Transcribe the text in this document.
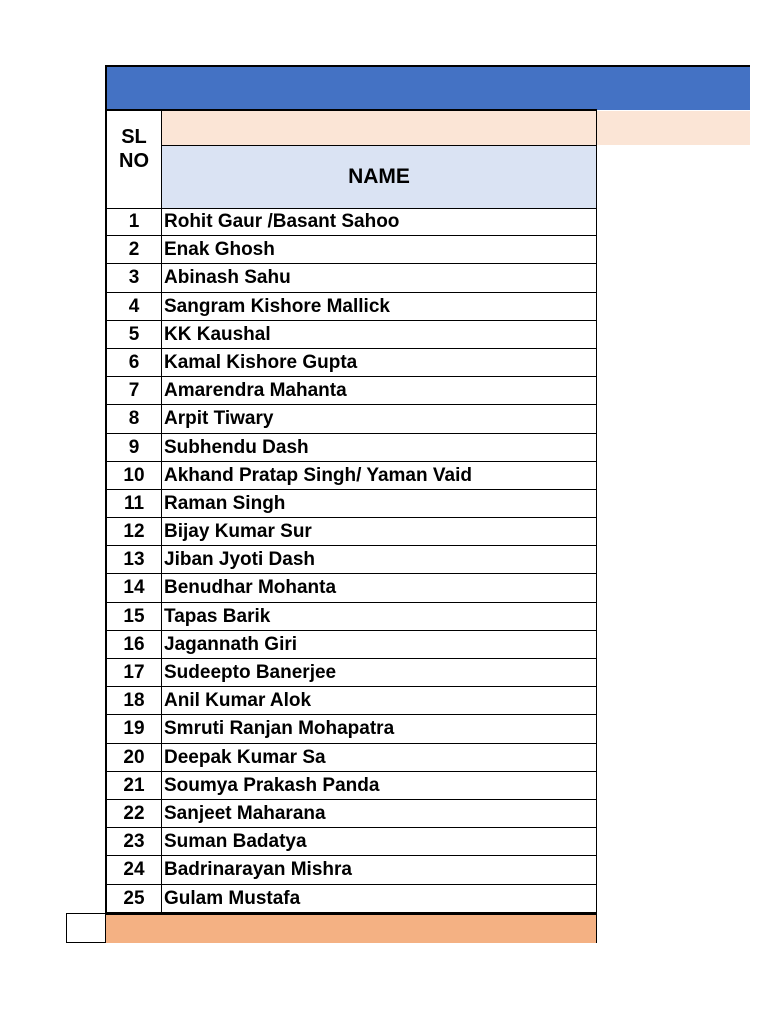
SL NO
NAME
1	Rohit Gaur /Basant Sahoo
2	Enak Ghosh
3	Abinash Sahu
4	Sangram Kishore Mallick
5	KK Kaushal
6	Kamal Kishore Gupta
7	Amarendra Mahanta
8	Arpit Tiwary
9	Subhendu Dash
10	Akhand Pratap Singh/ Yaman Vaid
11	Raman Singh
12	Bijay Kumar Sur
13	Jiban Jyoti Dash
14	Benudhar Mohanta
15	Tapas Barik
16	Jagannath Giri
17	Sudeepto Banerjee
18	Anil Kumar Alok
19	Smruti Ranjan Mohapatra
20	Deepak Kumar Sa
21	Soumya Prakash Panda
22	Sanjeet Maharana
23	Suman Badatya
24	Badrinarayan Mishra
25	Gulam Mustafa
